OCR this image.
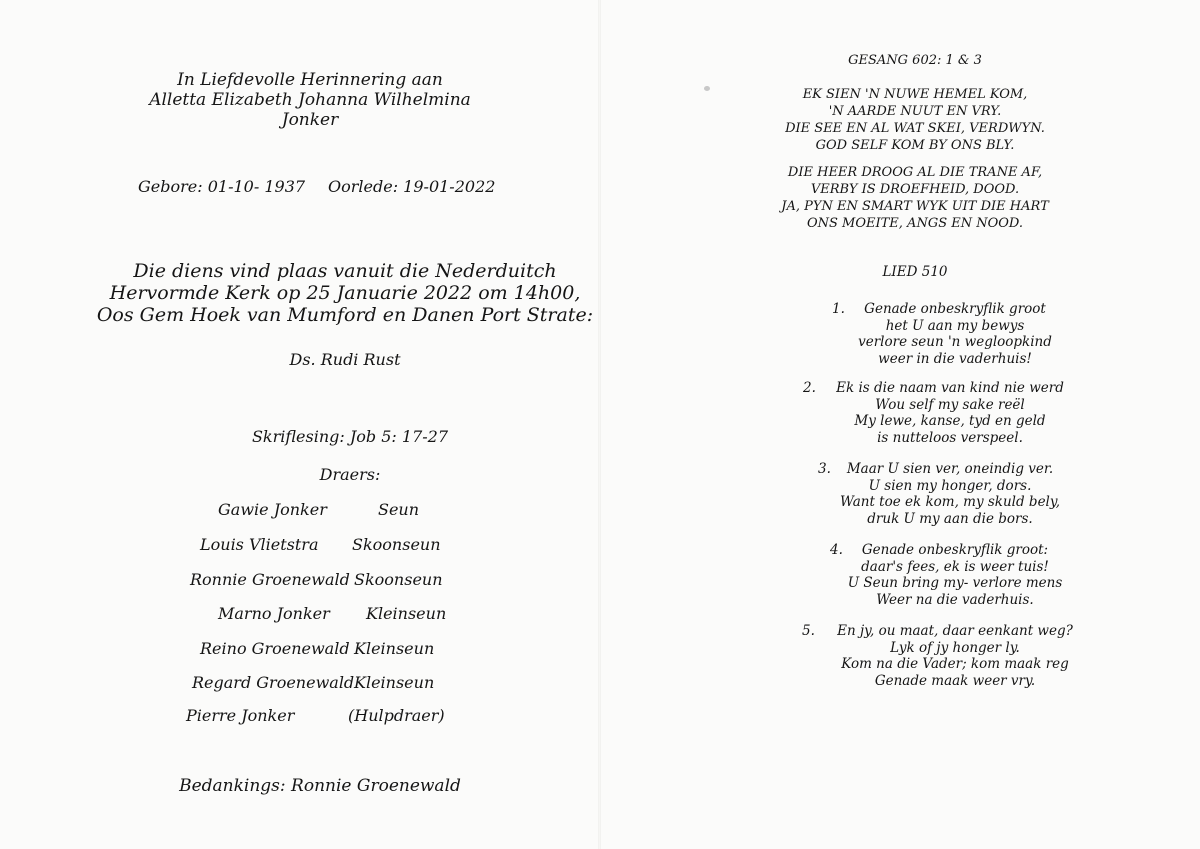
In Liefdevolle Herinnering aan
Alletta Elizabeth Johanna Wilhelmina
Jonker
Gebore: 01-10- 1937 Oorlede: 19-01-2022
Die diens vind plaas vanuit die Nederduitch
Hervormde Kerk op 25 Januarie 2022 om 14h00,
Oos Gem Hoek van Mumford en Danen Port Strate:
Ds. Rudi Rust
Skriflesing: Job 5: 17-27
Draers:
Gawie Jonker	Seun
Louis Vlietstra Skoonseun
Ronnie Groenewald Skoonseun
Marno Jonker Kleinseun
Reino Groenewald Kleinseun
Regard Groenewald Kleinseun
Pierre Jonker	(Hulpdraer)
Bedankings: Ronnie Groenewald
GESANG 602: 1 & 3
EK SIEN 'N NUWE HEMEL KOM,
'N AARDE NUUT EN VRY.
DIE SEE EN AL WAT SKEI, VERDWYN.
GOD SELF KOM BY ONS BLY.
DIE HEER DROOG AL DIE TRANE AF,
VERBY IS DROEFHEID, DOOD.
JA, PYN EN SMART WYK UIT DIE HART
ONS MOEITE, ANGS EN NOOD.
LIED 510
1.	Genade onbeskryflik groot
het U aan my bewys
verlore seun 'n wegloopkind
weer in die vaderhuis!
2.	Ek is die naam van kind nie werd
Wou self my sake reël
My lewe, kanse, tyd en geld
is nutteloos verspeel.
3.	Maar U sien ver, oneindig ver.
U sien my honger, dors.
Want toe ek kom, my skuld bely,
druk U my aan die bors.
4.	Genade onbeskryflik groot:
daar's fees, ek is weer tuis!
U Seun bring my- verlore mens
Weer na die vaderhuis.
5.	En jy, ou maat, daar eenkant weg?
Lyk of jy honger ly.
Kom na die Vader; kom maak reg
Genade maak weer vry.
